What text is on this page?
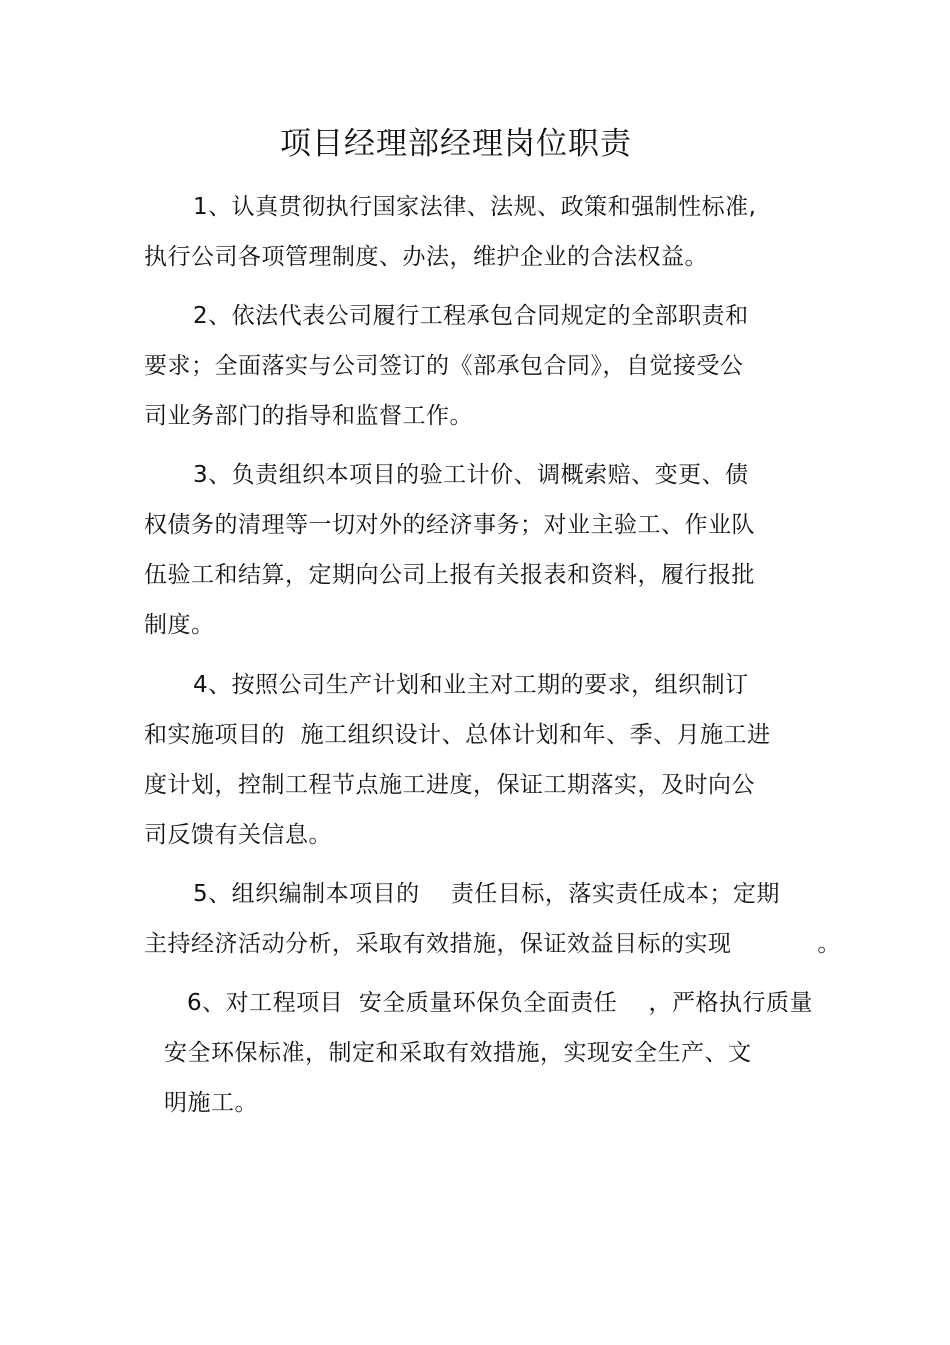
项目经理部经理岗位职责
1、认真贯彻执行国家法律、法规、政策和强制性标准,
执行公司各项管理制度、办法，维护企业的合法权益。
2、依法代表公司履行工程承包合同规定的全部职责和
要求；全面落实与公司签订的《部承包合同》，自觉接受公
司业务部门的指导和监督工作。
3、负责组织本项目的验工计价、调概索赔、变更、债
权债务的清理等一切对外的经济事务；对业主验工、作业队
伍验工和结算，定期向公司上报有关报表和资料，履行报批
制度。
4、按照公司生产计划和业主对工期的要求，组织制订
和实施项目的  施工组织设计、总体计划和年、季、月施工进
度计划，控制工程节点施工进度，保证工期落实，及时向公
司反馈有关信息。
5、组织编制本项目的    责任目标，落实责任成本；定期
主持经济活动分析，采取有效措施，保证效益目标的实现           。
6、对工程项目  安全质量环保负全面责任    ，严格执行质量
安全环保标准，制定和采取有效措施，实现安全生产、文
明施工。
